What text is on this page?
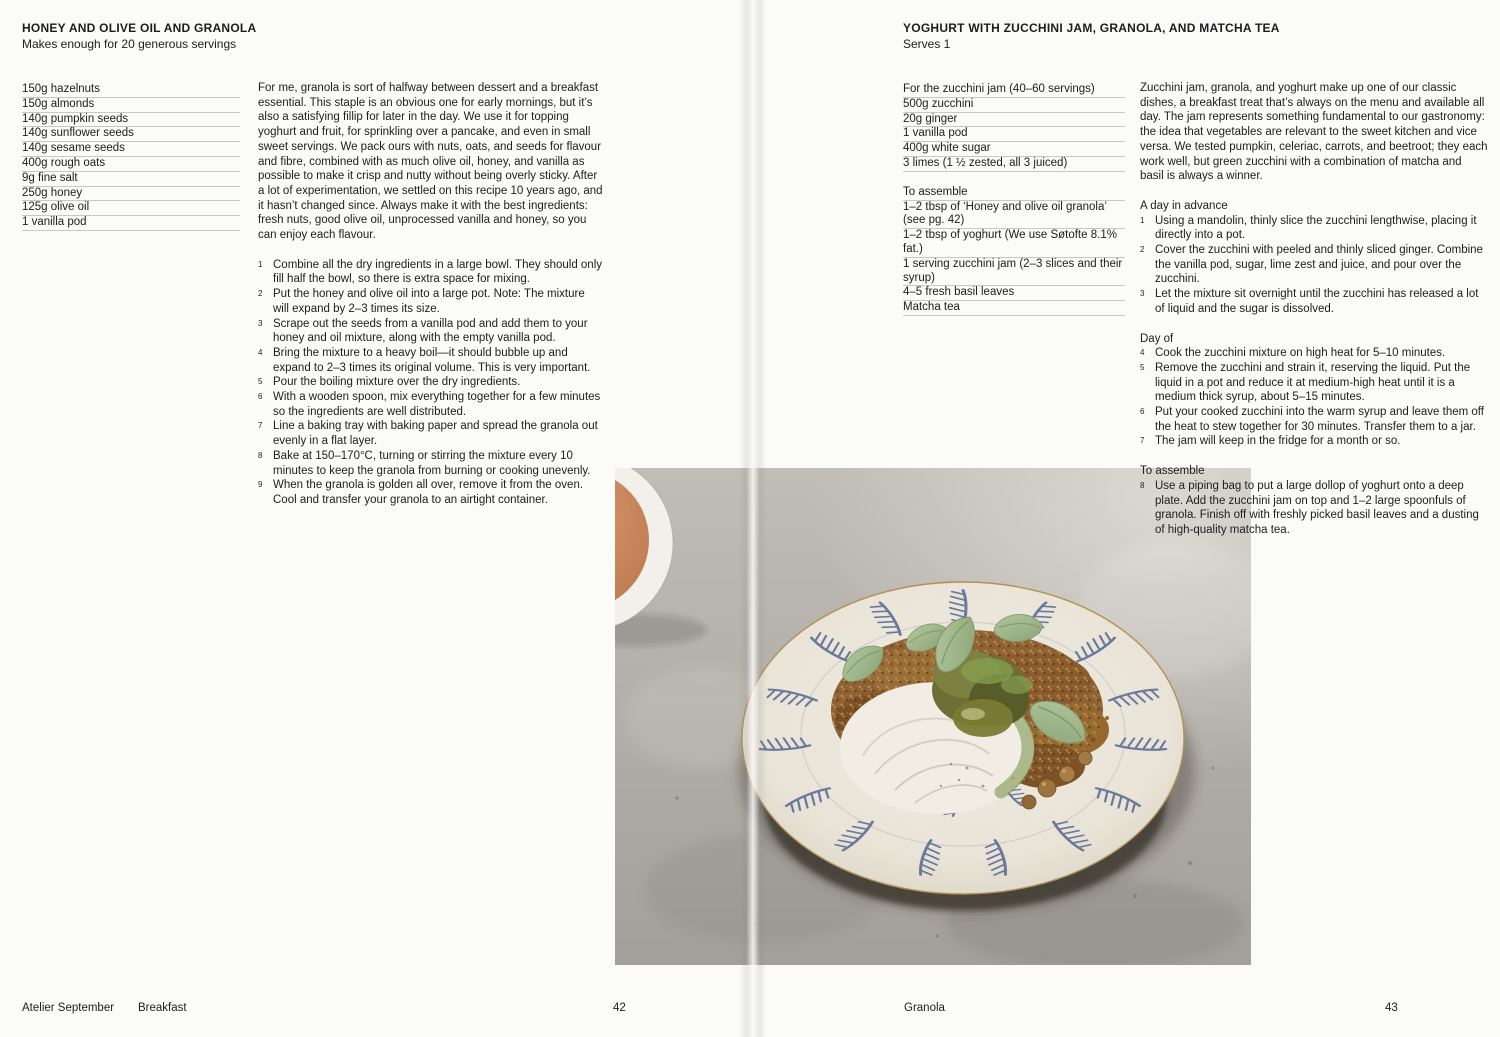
HONEY AND OLIVE OIL AND GRANOLA
Makes enough for 20 generous servings
150g hazelnuts
150g almonds
140g pumpkin seeds
140g sunflower seeds
140g sesame seeds
400g rough oats
9g fine salt
250g honey
125g olive oil
1 vanilla pod

For me, granola is sort of halfway between dessert and a breakfast essential. This staple is an obvious one for early mornings, but it’s also a satisfying fillip for later in the day. We use it for topping yoghurt and fruit, for sprinkling over a pancake, and even in small sweet servings. We pack ours with nuts, oats, and seeds for flavour and fibre, combined with as much olive oil, honey, and vanilla as possible to make it crisp and nutty without being overly sticky. After a lot of experimentation, we settled on this recipe 10 years ago, and it hasn’t changed since. Always make it with the best ingredients: fresh nuts, good olive oil, unprocessed vanilla and honey, so you can enjoy each flavour.

1 Combine all the dry ingredients in a large bowl. They should only fill half the bowl, so there is extra space for mixing.
2 Put the honey and olive oil into a large pot. Note: The mixture will expand by 2–3 times its size.
3 Scrape out the seeds from a vanilla pod and add them to your honey and oil mixture, along with the empty vanilla pod.
4 Bring the mixture to a heavy boil—it should bubble up and expand to 2–3 times its original volume. This is very important.
5 Pour the boiling mixture over the dry ingredients.
6 With a wooden spoon, mix everything together for a few minutes so the ingredients are well distributed.
7 Line a baking tray with baking paper and spread the granola out evenly in a flat layer.
8 Bake at 150–170°C, turning or stirring the mixture every 10 minutes to keep the granola from burning or cooking unevenly.
9 When the granola is golden all over, remove it from the oven. Cool and transfer your granola to an airtight container.
Atelier September Breakfast	42
YOGHURT WITH ZUCCHINI JAM, GRANOLA, AND MATCHA TEA
Serves 1
For the zucchini jam (40–60 servings)
500g zucchini
20g ginger
1 vanilla pod
400g white sugar
3 limes (1 ½ zested, all 3 juiced)
To assemble
1–2 tbsp of ‘Honey and olive oil granola’ (see pg. 42)
1–2 tbsp of yoghurt (We use Søtofte 8.1% fat.)
1 serving zucchini jam (2–3 slices and their syrup)
4–5 fresh basil leaves
Matcha tea

Zucchini jam, granola, and yoghurt make up one of our classic dishes, a breakfast treat that’s always on the menu and available all day. The jam represents something fundamental to our gastronomy: the idea that vegetables are relevant to the sweet kitchen and vice versa. We tested pumpkin, celeriac, carrots, and beetroot; they each work well, but green zucchini with a combination of matcha and basil is always a winner.

A day in advance
1 Using a mandolin, thinly slice the zucchini lengthwise, placing it directly into a pot.
2 Cover the zucchini with peeled and thinly sliced ginger. Combine the vanilla pod, sugar, lime zest and juice, and pour over the zucchini.
3 Let the mixture sit overnight until the zucchini has released a lot of liquid and the sugar is dissolved.
Day of
4 Cook the zucchini mixture on high heat for 5–10 minutes.
5 Remove the zucchini and strain it, reserving the liquid. Put the liquid in a pot and reduce it at medium-high heat until it is a medium thick syrup, about 5–15 minutes.
6 Put your cooked zucchini into the warm syrup and leave them off the heat to stew together for 30 minutes. Transfer them to a jar.
7 The jam will keep in the fridge for a month or so.
To assemble
8 Use a piping bag to put a large dollop of yoghurt onto a deep plate. Add the zucchini jam on top and 1–2 large spoonfuls of granola. Finish off with freshly picked basil leaves and a dusting of high-quality matcha tea.
Granola	43
